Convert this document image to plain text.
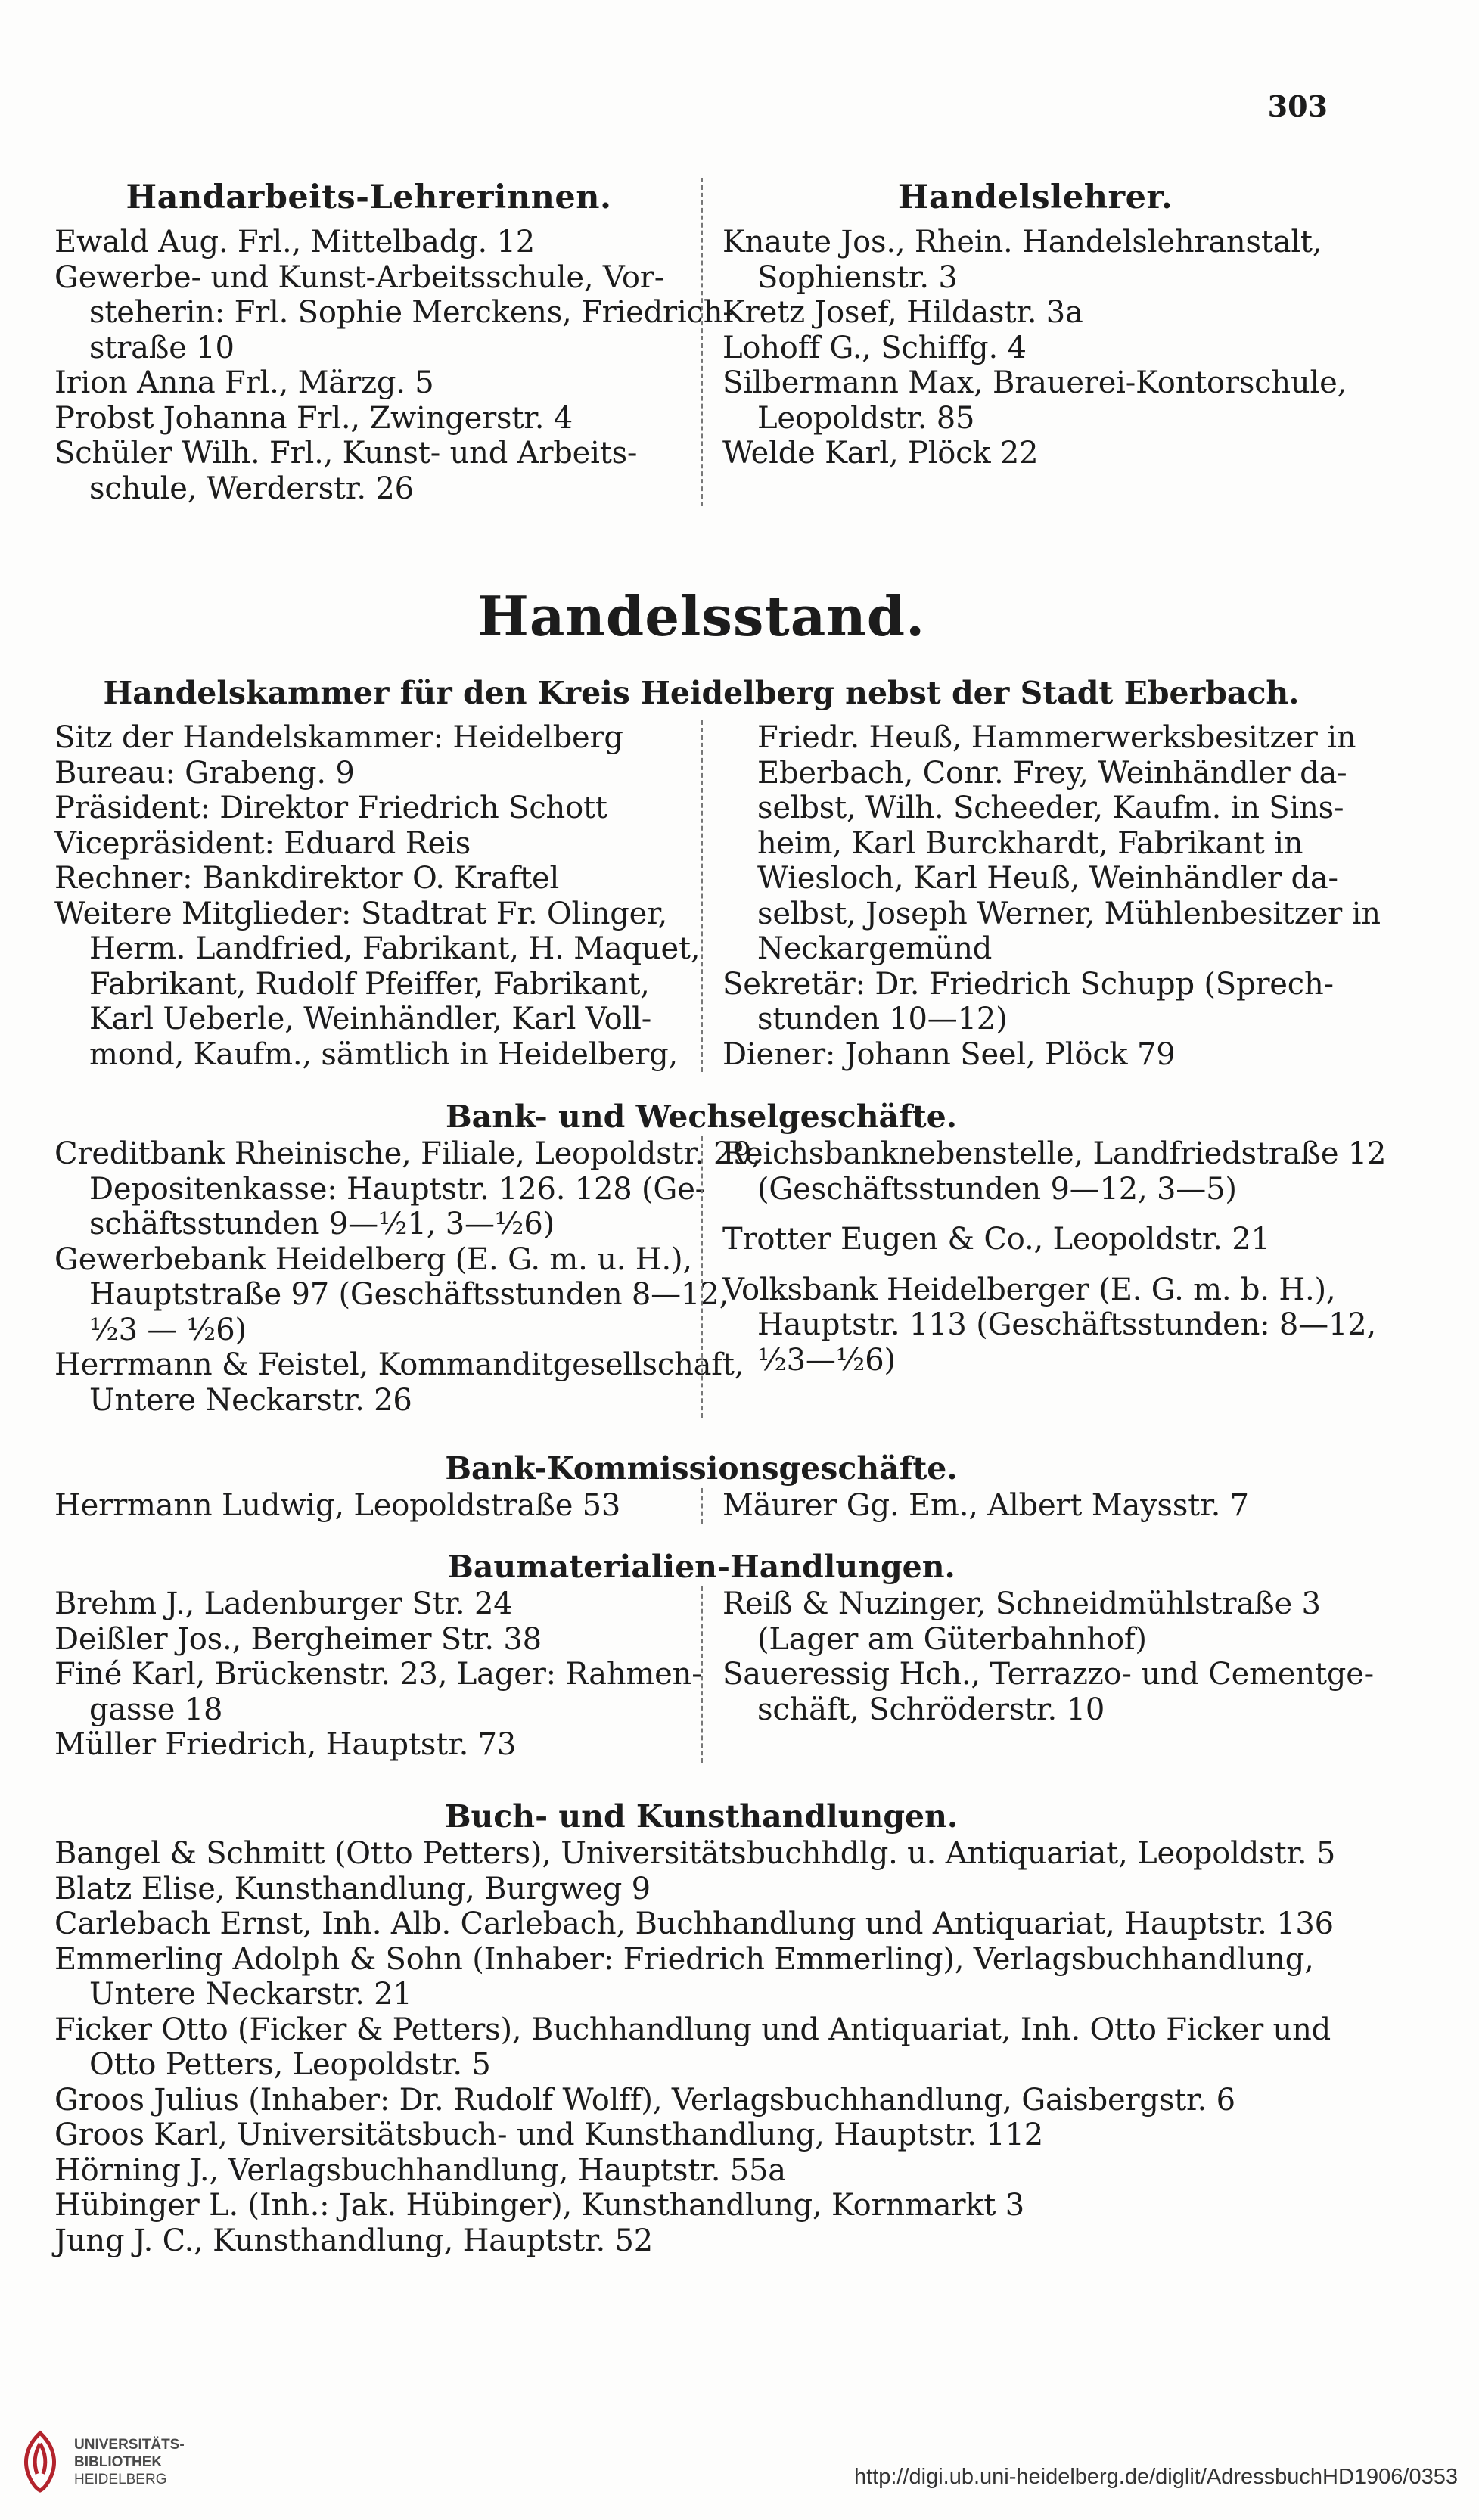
303
Handarbeits-Lehrerinnen.
Ewald Aug. Frl., Mittelbadg. 12
Gewerbe- und Kunst-Arbeitsschule, Vor-
steherin: Frl. Sophie Merckens, Friedrich-
straße 10
Irion Anna Frl., Märzg. 5
Probst Johanna Frl., Zwingerstr. 4
Schüler Wilh. Frl., Kunst- und Arbeits-
schule, Werderstr. 26
Handelslehrer.
Knaute Jos., Rhein. Handelslehranstalt,
Sophienstr. 3
Kretz Josef, Hildastr. 3a
Lohoff G., Schiffg. 4
Silbermann Max, Brauerei-Kontorschule,
Leopoldstr. 85
Welde Karl, Plöck 22
Handelsstand.
Handelskammer für den Kreis Heidelberg nebst der Stadt Eberbach.
Sitz der Handelskammer: Heidelberg
Bureau: Grabeng. 9
Präsident: Direktor Friedrich Schott
Vicepräsident: Eduard Reis
Rechner: Bankdirektor O. Kraftel
Weitere Mitglieder: Stadtrat Fr. Olinger,
Herm. Landfried, Fabrikant, H. Maquet,
Fabrikant, Rudolf Pfeiffer, Fabrikant,
Karl Ueberle, Weinhändler, Karl Voll-
mond, Kaufm., sämtlich in Heidelberg,
Friedr. Heuß, Hammerwerksbesitzer in
Eberbach, Conr. Frey, Weinhändler da-
selbst, Wilh. Scheeder, Kaufm. in Sins-
heim, Karl Burckhardt, Fabrikant in
Wiesloch, Karl Heuß, Weinhändler da-
selbst, Joseph Werner, Mühlenbesitzer in
Neckargemünd
Sekretär: Dr. Friedrich Schupp (Sprech-
stunden 10—12)
Diener: Johann Seel, Plöck 79
Bank- und Wechselgeschäfte.
Creditbank Rheinische, Filiale, Leopoldstr. 29,
Depositenkasse: Hauptstr. 126. 128 (Ge-
schäftsstunden 9—½1, 3—½6)
Gewerbebank Heidelberg (E. G. m. u. H.),
Hauptstraße 97 (Geschäftsstunden 8—12,
½3 — ½6)
Herrmann & Feistel, Kommanditgesellschaft,
Untere Neckarstr. 26
Reichsbanknebenstelle, Landfriedstraße 12
(Geschäftsstunden 9—12, 3—5)
Trotter Eugen & Co., Leopoldstr. 21
Volksbank Heidelberger (E. G. m. b. H.),
Hauptstr. 113 (Geschäftsstunden: 8—12,
½3—½6)
Bank-Kommissionsgeschäfte.
Herrmann Ludwig, Leopoldstraße 53	Mäurer Gg. Em., Albert Maysstr. 7
Baumaterialien-Handlungen.
Brehm J., Ladenburger Str. 24
Deißler Jos., Bergheimer Str. 38
Finé Karl, Brückenstr. 23, Lager: Rahmen-
gasse 18
Müller Friedrich, Hauptstr. 73
Reiß & Nuzinger, Schneidmühlstraße 3
(Lager am Güterbahnhof)
Saueressig Hch., Terrazzo- und Cementge-
schäft, Schröderstr. 10
Buch- und Kunsthandlungen.
Bangel & Schmitt (Otto Petters), Universitätsbuchhdlg. u. Antiquariat, Leopoldstr. 5
Blatz Elise, Kunsthandlung, Burgweg 9
Carlebach Ernst, Inh. Alb. Carlebach, Buchhandlung und Antiquariat, Hauptstr. 136
Emmerling Adolph & Sohn (Inhaber: Friedrich Emmerling), Verlagsbuchhandlung,
Untere Neckarstr. 21
Ficker Otto (Ficker & Petters), Buchhandlung und Antiquariat, Inh. Otto Ficker und
Otto Petters, Leopoldstr. 5
Groos Julius (Inhaber: Dr. Rudolf Wolff), Verlagsbuchhandlung, Gaisbergstr. 6
Groos Karl, Universitätsbuch- und Kunsthandlung, Hauptstr. 112
Hörning J., Verlagsbuchhandlung, Hauptstr. 55a
Hübinger L. (Inh.: Jak. Hübinger), Kunsthandlung, Kornmarkt 3
Jung J. C., Kunsthandlung, Hauptstr. 52
UNIVERSITÄTS-
BIBLIOTHEK
HEIDELBERG	http://digi.ub.uni-heidelberg.de/diglit/AdressbuchHD1906/0353
